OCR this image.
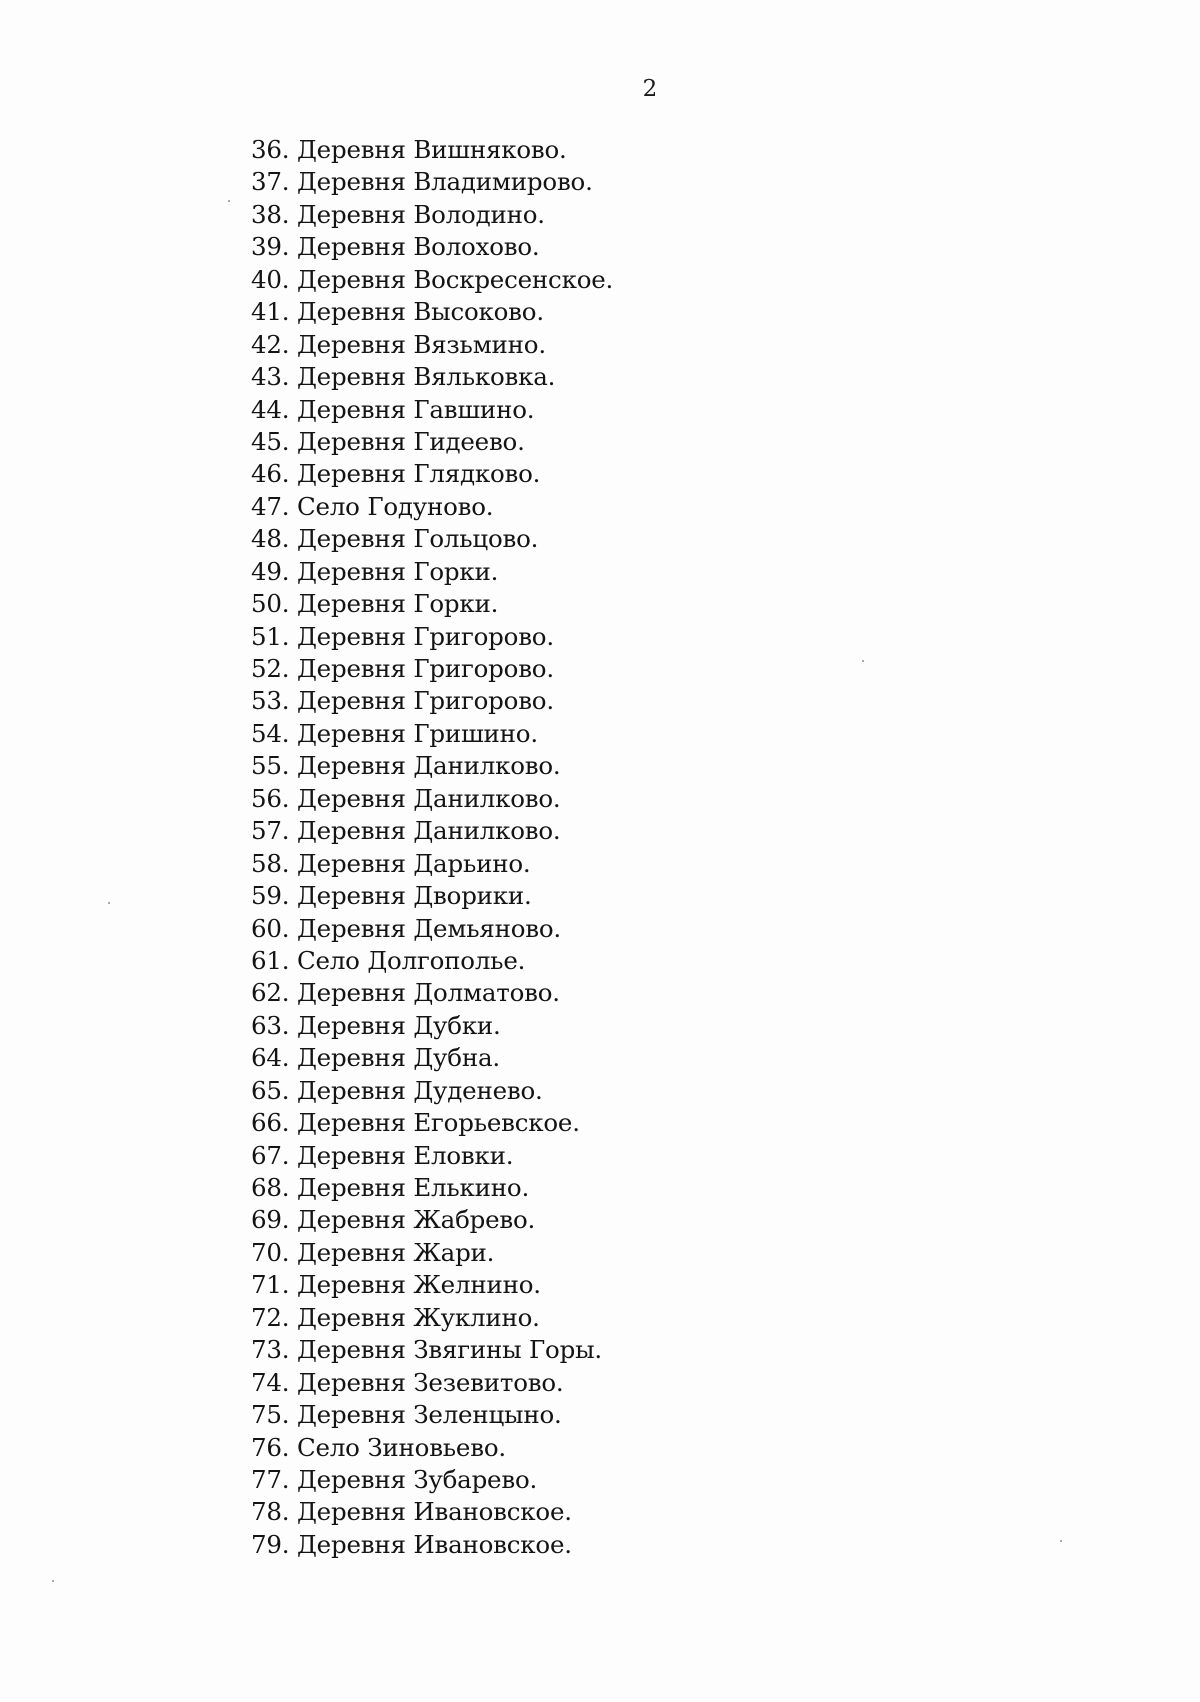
2
36. Деревня Вишняково.
37. Деревня Владимирово.
38. Деревня Володино.
39. Деревня Волохово.
40. Деревня Воскресенское.
41. Деревня Высоково.
42. Деревня Вязьмино.
43. Деревня Вяльковка.
44. Деревня Гавшино.
45. Деревня Гидеево.
46. Деревня Глядково.
47. Село Годуново.
48. Деревня Гольцово.
49. Деревня Горки.
50. Деревня Горки.
51. Деревня Григорово.
52. Деревня Григорово.
53. Деревня Григорово.
54. Деревня Гришино.
55. Деревня Данилково.
56. Деревня Данилково.
57. Деревня Данилково.
58. Деревня Дарьино.
59. Деревня Дворики.
60. Деревня Демьяново.
61. Село Долгополье.
62. Деревня Долматово.
63. Деревня Дубки.
64. Деревня Дубна.
65. Деревня Дуденево.
66. Деревня Егорьевское.
67. Деревня Еловки.
68. Деревня Елькино.
69. Деревня Жабрево.
70. Деревня Жари.
71. Деревня Желнино.
72. Деревня Жуклино.
73. Деревня Звягины Горы.
74. Деревня Зезевитово.
75. Деревня Зеленцыно.
76. Село Зиновьево.
77. Деревня Зубарево.
78. Деревня Ивановское.
79. Деревня Ивановское.
